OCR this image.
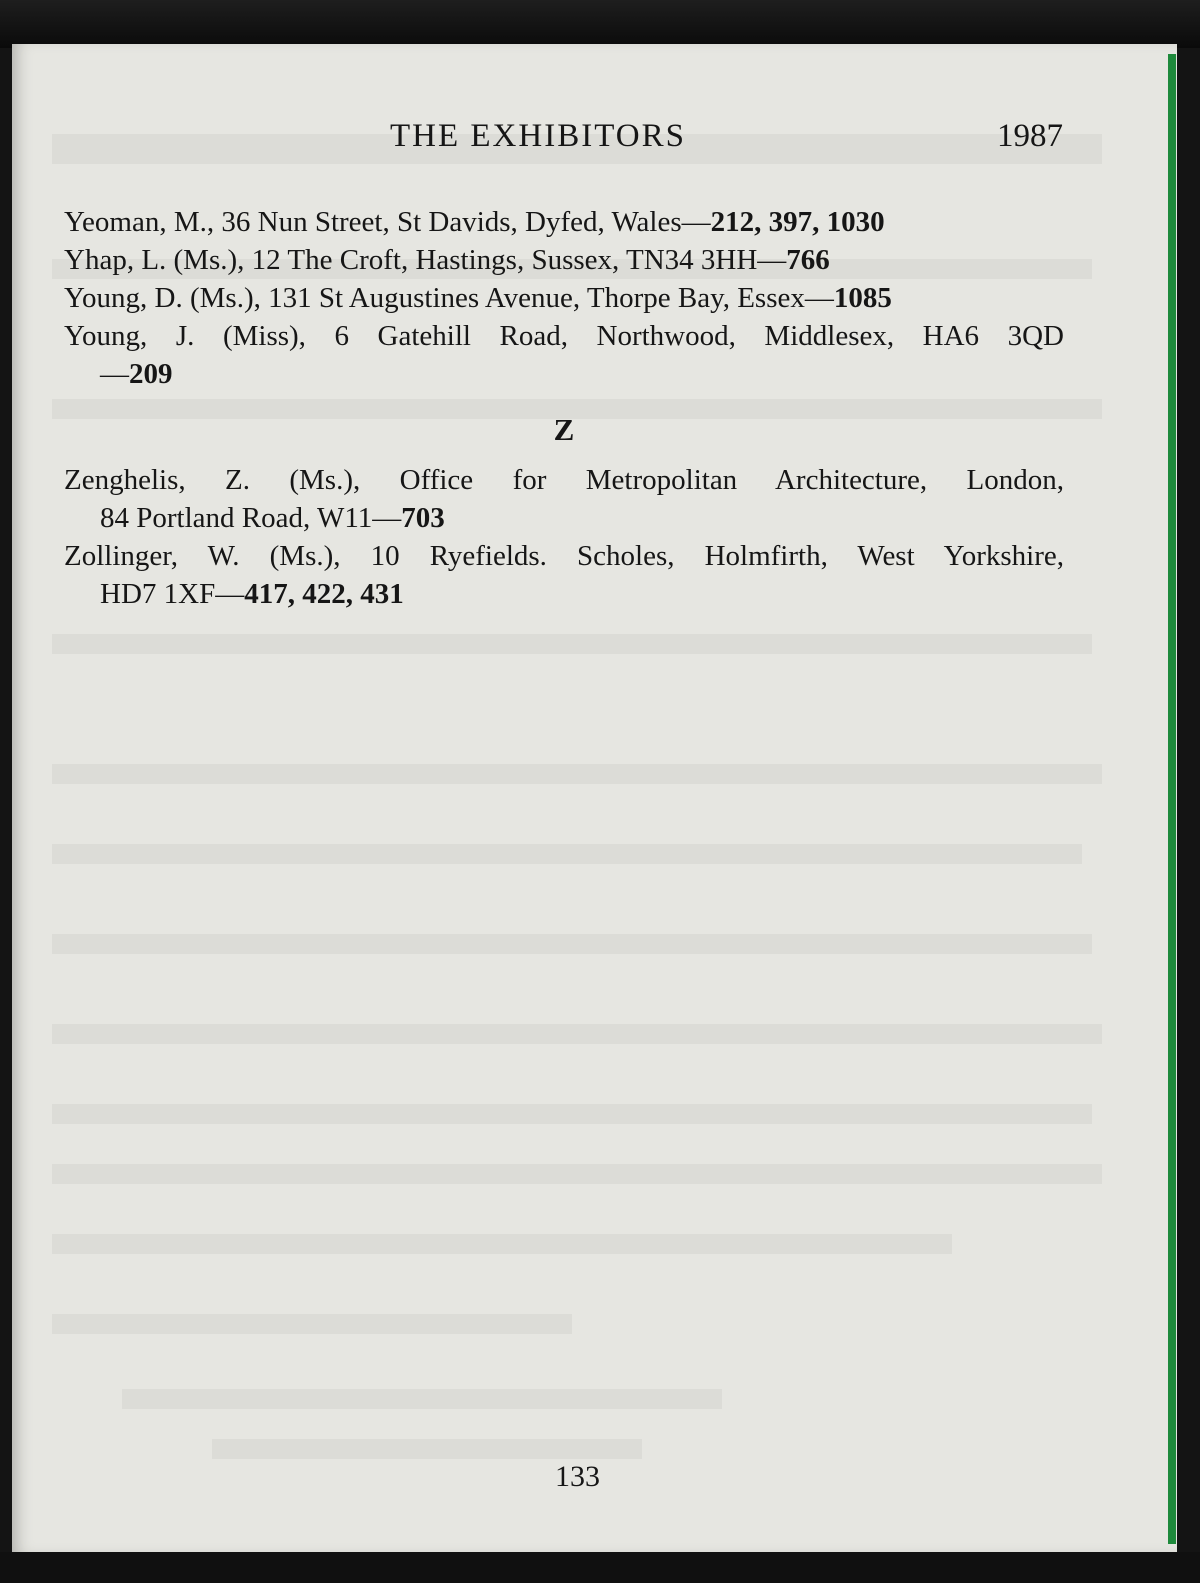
THE EXHIBITORS	1987

Yeoman, M., 36 Nun Street, St Davids, Dyfed, Wales—212, 397, 1030

Yhap, L. (Ms.), 12 The Croft, Hastings, Sussex, TN34 3HH—766

Young, D. (Ms.), 131 St Augustines Avenue, Thorpe Bay, Essex—1085

Young, J. (Miss), 6 Gatehill Road, Northwood, Middlesex, HA6 3QD
—209
Z
Zenghelis, Z. (Ms.), Office for Metropolitan Architecture, London,
84 Portland Road, W11—703
Zollinger, W. (Ms.), 10 Ryefields. Scholes, Holmfirth, West Yorkshire,
HD7 1XF—417, 422, 431
133
